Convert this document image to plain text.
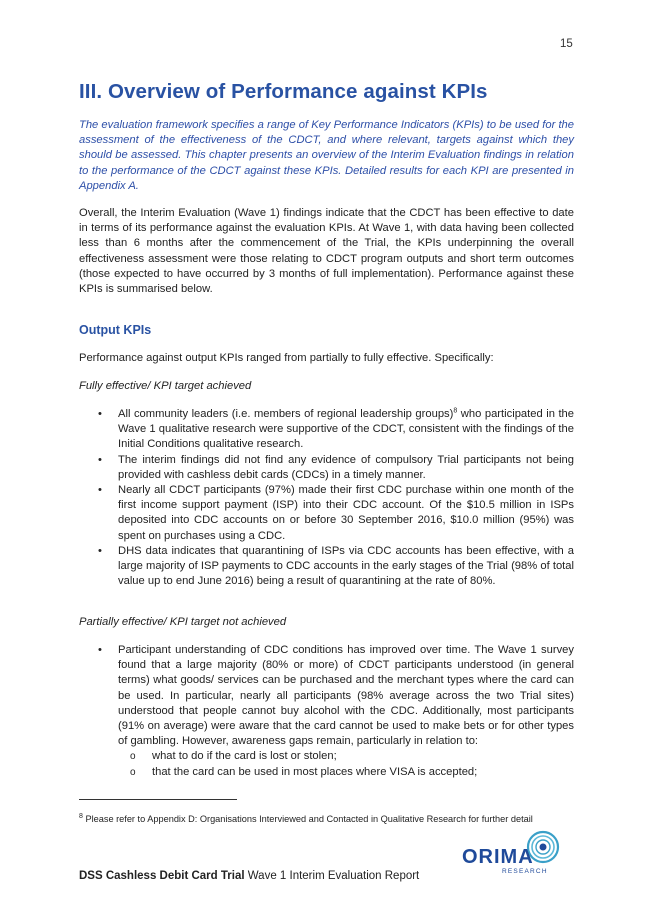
15
III. Overview of Performance against KPIs

The evaluation framework specifies a range of Key Performance Indicators (KPIs) to be used for the assessment of the effectiveness of the CDCT, and where relevant, targets against which they should be assessed. This chapter presents an overview of the Interim Evaluation findings in relation to the performance of the CDCT against these KPIs. Detailed results for each KPI are presented in Appendix A.

Overall, the Interim Evaluation (Wave 1) findings indicate that the CDCT has been effective to date in terms of its performance against the evaluation KPIs. At Wave 1, with data having been collected less than 6 months after the commencement of the Trial, the KPIs underpinning the overall effectiveness assessment were those relating to CDCT program outputs and short term outcomes (those expected to have occurred by 3 months of full implementation). Performance against these KPIs is summarised below.

Output KPIs

Performance against output KPIs ranged from partially to fully effective. Specifically:

Fully effective/ KPI target achieved

• All community leaders (i.e. members of regional leadership groups)$^8$ who participated in the Wave 1 qualitative research were supportive of the CDCT, consistent with the findings of the Initial Conditions qualitative research.
• The interim findings did not find any evidence of compulsory Trial participants not being provided with cashless debit cards (CDCs) in a timely manner.
• Nearly all CDCT participants (97%) made their first CDC purchase within one month of the first income support payment (ISP) into their CDC account. Of the $10.5 million in ISPs deposited into CDC accounts on or before 30 September 2016, $10.0 million (95%) was spent on purchases using a CDC.
• DHS data indicates that quarantining of ISPs via CDC accounts has been effective, with a large majority of ISP payments to CDC accounts in the early stages of the Trial (98% of total value up to end June 2016) being a result of quarantining at the rate of 80%.

Partially effective/ KPI target not achieved

• Participant understanding of CDC conditions has improved over time. The Wave 1 survey found that a large majority (80% or more) of CDCT participants understood (in general terms) what goods/ services can be purchased and the merchant types where the card can be used. In particular, nearly all participants (98% average across the two Trial sites) understood that people cannot buy alcohol with the CDC. Additionally, most participants (91% on average) were aware that the card cannot be used to make bets or for other types of gambling. However, awareness gaps remain, particularly in relation to:
o what to do if the card is lost or stolen;
o that the card can be used in most places where VISA is accepted;
$^8$ Please refer to Appendix D: Organisations Interviewed and Contacted in Qualitative Research for further detail
DSS Cashless Debit Card Trial Wave 1 Interim Evaluation Report
ORIMA
RESEARCH
